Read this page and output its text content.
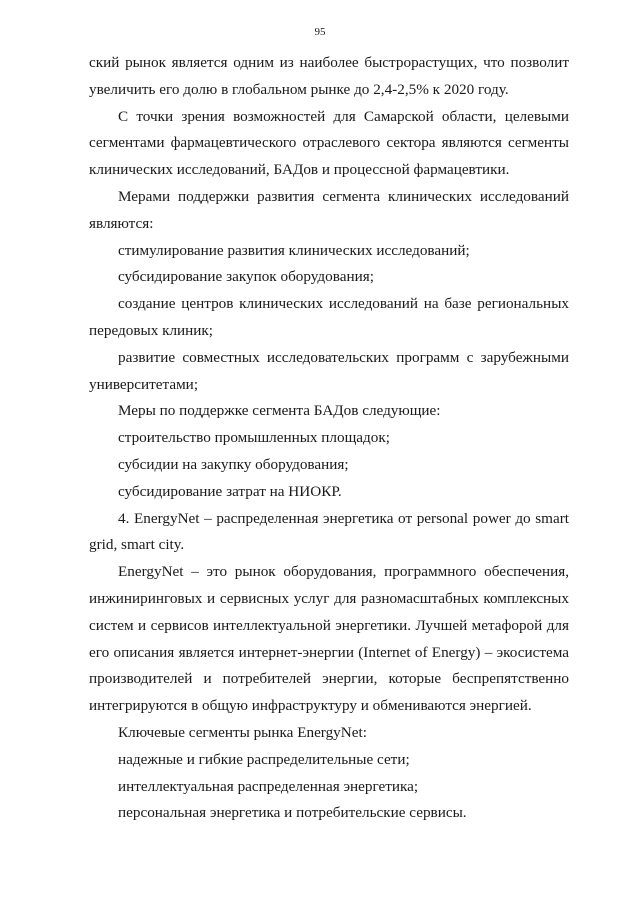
95

ский рынок является одним из наиболее быстрорастущих, что позволит увеличить его долю в глобальном рынке до 2,4-2,5% к 2020 году.

С точки зрения возможностей для Самарской области, целевыми сегментами фармацевтического отраслевого сектора являются сегменты клинических исследований, БАДов и процессной фармацевтики.

Мерами поддержки развития сегмента клинических исследований являются:

стимулирование развития клинических исследований;

субсидирование закупок оборудования;

создание центров клинических исследований на базе региональных передовых клиник;

развитие совместных исследовательских программ с зарубежными университетами;

Меры по поддержке сегмента БАДов следующие:

строительство промышленных площадок;

субсидии на закупку оборудования;

субсидирование затрат на НИОКР.

4. EnergyNet – распределенная энергетика от personal power до smart grid, smart city.

EnergyNet – это рынок оборудования, программного обеспечения, инжиниринговых и сервисных услуг для разномасштабных комплексных систем и сервисов интеллектуальной энергетики. Лучшей метафорой для его описания является интернет-энергии (Internet of Energy) – экосистема производителей и потребителей энергии, которые беспрепятственно интегрируются в общую инфраструктуру и обмениваются энергией.

Ключевые сегменты рынка EnergyNet:

надежные и гибкие распределительные сети;

интеллектуальная распределенная энергетика;

персональная энергетика и потребительские сервисы.
